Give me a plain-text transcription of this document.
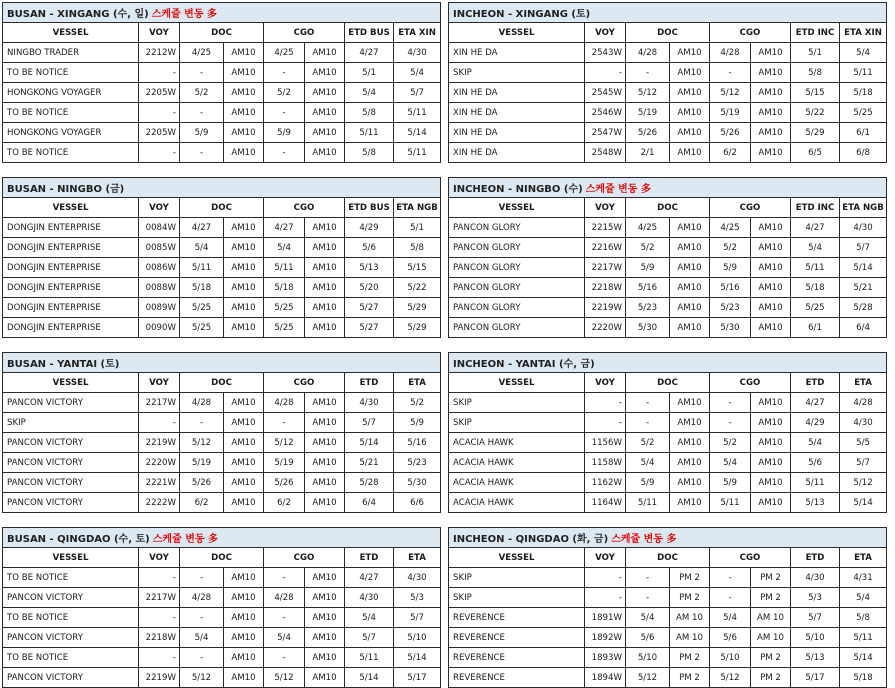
BUSAN - XINGANG (수, 일) 스케쥴 변동 多							
VESSEL	VOY	DOC		CGO		ETD BUS	ETA XIN
NINGBO TRADER	2212W	4/25	AM10	4/25	AM10	4/27	4/30
TO BE NOTICE	-	-	AM10	-	AM10	5/1	5/4
HONGKONG VOYAGER	2205W	5/2	AM10	5/2	AM10	5/4	5/7
TO BE NOTICE	-	-	AM10	-	AM10	5/8	5/11
HONGKONG VOYAGER	2205W	5/9	AM10	5/9	AM10	5/11	5/14
TO BE NOTICE	-	-	AM10	-	AM10	5/8	5/11
INCHEON - XINGANG (토)							
VESSEL	VOY	DOC		CGO		ETD INC	ETA XIN
XIN HE DA	2543W	4/28	AM10	4/28	AM10	5/1	5/4
SKIP	-	-	AM10	-	AM10	5/8	5/11
XIN HE DA	2545W	5/12	AM10	5/12	AM10	5/15	5/18
XIN HE DA	2546W	5/19	AM10	5/19	AM10	5/22	5/25
XIN HE DA	2547W	5/26	AM10	5/26	AM10	5/29	6/1
XIN HE DA	2548W	2/1	AM10	6/2	AM10	6/5	6/8
BUSAN - NINGBO (금)							
VESSEL	VOY	DOC		CGO		ETD BUS	ETA NGB
DONGJIN ENTERPRISE	0084W	4/27	AM10	4/27	AM10	4/29	5/1
DONGJIN ENTERPRISE	0085W	5/4	AM10	5/4	AM10	5/6	5/8
DONGJIN ENTERPRISE	0086W	5/11	AM10	5/11	AM10	5/13	5/15
DONGJIN ENTERPRISE	0088W	5/18	AM10	5/18	AM10	5/20	5/22
DONGJIN ENTERPRISE	0089W	5/25	AM10	5/25	AM10	5/27	5/29
DONGJIN ENTERPRISE	0090W	5/25	AM10	5/25	AM10	5/27	5/29
INCHEON - NINGBO (수) 스케쥴 변동 多							
VESSEL	VOY	DOC		CGO		ETD INC	ETA NGB
PANCON GLORY	2215W	4/25	AM10	4/25	AM10	4/27	4/30
PANCON GLORY	2216W	5/2	AM10	5/2	AM10	5/4	5/7
PANCON GLORY	2217W	5/9	AM10	5/9	AM10	5/11	5/14
PANCON GLORY	2218W	5/16	AM10	5/16	AM10	5/18	5/21
PANCON GLORY	2219W	5/23	AM10	5/23	AM10	5/25	5/28
PANCON GLORY	2220W	5/30	AM10	5/30	AM10	6/1	6/4
BUSAN - YANTAI (토)							
VESSEL	VOY	DOC		CGO		ETD	ETA
PANCON VICTORY	2217W	4/28	AM10	4/28	AM10	4/30	5/2
SKIP	-	-	AM10	-	AM10	5/7	5/9
PANCON VICTORY	2219W	5/12	AM10	5/12	AM10	5/14	5/16
PANCON VICTORY	2220W	5/19	AM10	5/19	AM10	5/21	5/23
PANCON VICTORY	2221W	5/26	AM10	5/26	AM10	5/28	5/30
PANCON VICTORY	2222W	6/2	AM10	6/2	AM10	6/4	6/6
INCHEON - YANTAI (수, 금)							
VESSEL	VOY	DOC		CGO		ETD	ETA
SKIP	-	-	AM10	-	AM10	4/27	4/28
SKIP	-	-	AM10	-	AM10	4/29	4/30
ACACIA HAWK	1156W	5/2	AM10	5/2	AM10	5/4	5/5
ACACIA HAWK	1158W	5/4	AM10	5/4	AM10	5/6	5/7
ACACIA HAWK	1162W	5/9	AM10	5/9	AM10	5/11	5/12
ACACIA HAWK	1164W	5/11	AM10	5/11	AM10	5/13	5/14
BUSAN - QINGDAO (수, 토) 스케쥴 변동 多							
VESSEL	VOY	DOC		CGO		ETD	ETA
TO BE NOTICE	-	-	AM10	-	AM10	4/27	4/30
PANCON VICTORY	2217W	4/28	AM10	4/28	AM10	4/30	5/3
TO BE NOTICE	-	-	AM10	-	AM10	5/4	5/7
PANCON VICTORY	2218W	5/4	AM10	5/4	AM10	5/7	5/10
TO BE NOTICE	-	-	AM10	-	AM10	5/11	5/14
PANCON VICTORY	2219W	5/12	AM10	5/12	AM10	5/14	5/17
INCHEON - QINGDAO (화, 금) 스케쥴 변동 多							
VESSEL	VOY	DOC		CGO		ETD	ETA
SKIP	-	-	PM 2	-	PM 2	4/30	4/31
SKIP	-	-	PM 2	-	PM 2	5/3	5/4
REVERENCE	1891W	5/4	AM 10	5/4	AM 10	5/7	5/8
REVERENCE	1892W	5/6	AM 10	5/6	AM 10	5/10	5/11
REVERENCE	1893W	5/10	PM 2	5/10	PM 2	5/13	5/14
REVERENCE	1894W	5/12	PM 2	5/12	PM 2	5/17	5/18
